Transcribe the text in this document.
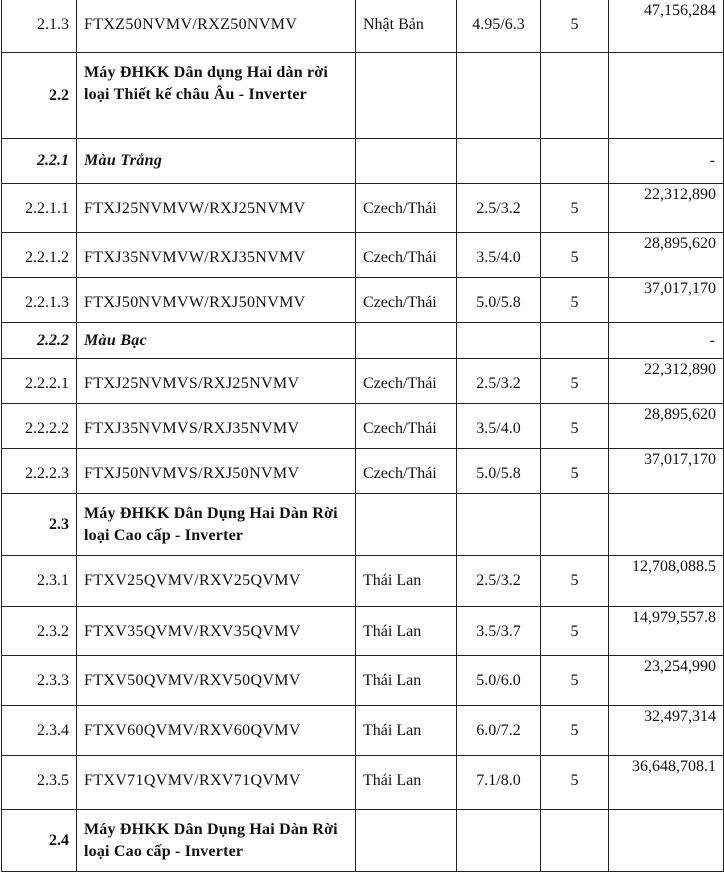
2.1.3	FTXZ50NVMV/RXZ50NVMV	Nhật Bản	4.95/6.3	5	47,156,284
2.2	Máy ĐHKK Dân dụng Hai dàn rời loại Thiết kế châu Âu - Inverter				
2.2.1	Màu Trắng				-
2.2.1.1	FTXJ25NVMVW/RXJ25NVMV	Czech/Thái	2.5/3.2	5	22,312,890
2.2.1.2	FTXJ35NVMVW/RXJ35NVMV	Czech/Thái	3.5/4.0	5	28,895,620
2.2.1.3	FTXJ50NVMVW/RXJ50NVMV	Czech/Thái	5.0/5.8	5	37,017,170
2.2.2	Màu Bạc				-
2.2.2.1	FTXJ25NVMVS/RXJ25NVMV	Czech/Thái	2.5/3.2	5	22,312,890
2.2.2.2	FTXJ35NVMVS/RXJ35NVMV	Czech/Thái	3.5/4.0	5	28,895,620
2.2.2.3	FTXJ50NVMVS/RXJ50NVMV	Czech/Thái	5.0/5.8	5	37,017,170
2.3	Máy ĐHKK Dân Dụng Hai Dàn Rời loại Cao cấp - Inverter				
2.3.1	FTXV25QVMV/RXV25QVMV	Thái Lan	2.5/3.2	5	12,708,088.5
2.3.2	FTXV35QVMV/RXV35QVMV	Thái Lan	3.5/3.7	5	14,979,557.8
2.3.3	FTXV50QVMV/RXV50QVMV	Thái Lan	5.0/6.0	5	23,254,990
2.3.4	FTXV60QVMV/RXV60QVMV	Thái Lan	6.0/7.2	5	32,497,314
2.3.5	FTXV71QVMV/RXV71QVMV	Thái Lan	7.1/8.0	5	36,648,708.1
2.4	Máy ĐHKK Dân Dụng Hai Dàn Rời loại Cao cấp - Inverter				
